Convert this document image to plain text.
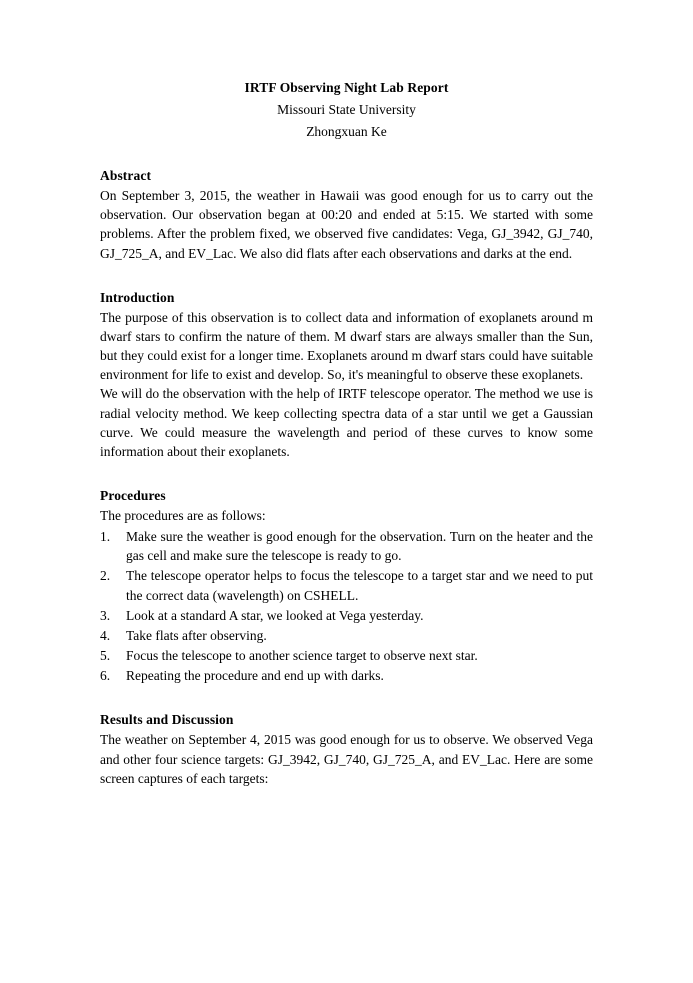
IRTF Observing Night Lab Report
Missouri State University
Zhongxuan Ke
Abstract

On September 3, 2015, the weather in Hawaii was good enough for us to carry out the observation. Our observation began at 00:20 and ended at 5:15. We started with some problems. After the problem fixed, we observed five candidates: Vega, GJ_3942, GJ_740, GJ_725_A, and EV_Lac. We also did flats after each observations and darks at the end.

Introduction

The purpose of this observation is to collect data and information of exoplanets around m dwarf stars to confirm the nature of them. M dwarf stars are always smaller than the Sun, but they could exist for a longer time. Exoplanets around m dwarf stars could have suitable environment for life to exist and develop. So, it's meaningful to observe these exoplanets.

We will do the observation with the help of IRTF telescope operator. The method we use is radial velocity method. We keep collecting spectra data of a star until we get a Gaussian curve. We could measure the wavelength and period of these curves to know some information about their exoplanets.

Procedures

The procedures are as follows:

1.	Make sure the weather is good enough for the observation. Turn on the heater and the gas cell and make sure the telescope is ready to go.
2.	The telescope operator helps to focus the telescope to a target star and we need to put the correct data (wavelength) on CSHELL.
3.	Look at a standard A star, we looked at Vega yesterday.
4.	Take flats after observing.
5.	Focus the telescope to another science target to observe next star.
6.	Repeating the procedure and end up with darks.
Results and Discussion

The weather on September 4, 2015 was good enough for us to observe. We observed Vega and other four science targets: GJ_3942, GJ_740, GJ_725_A, and EV_Lac. Here are some screen captures of each targets:
